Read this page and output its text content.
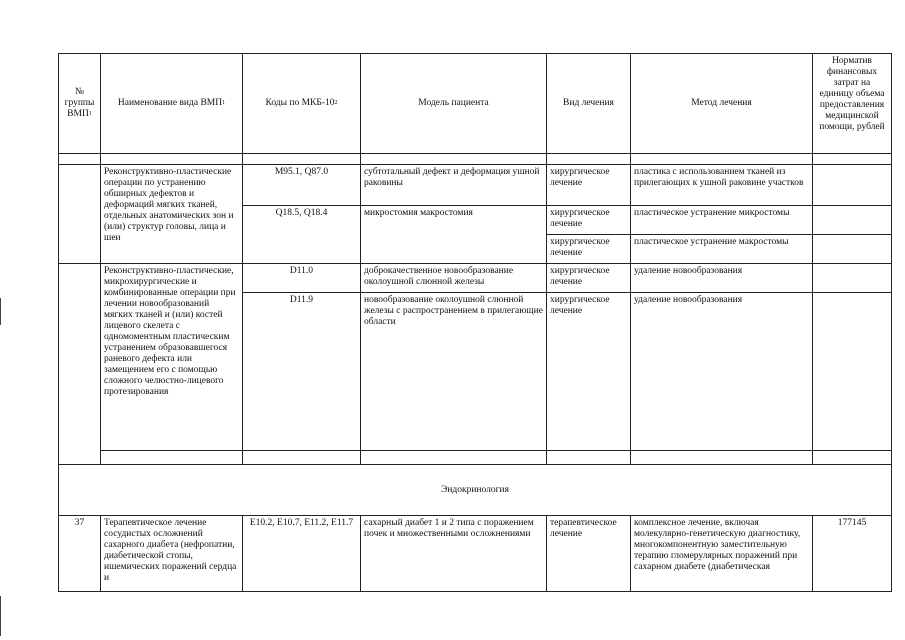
№ группы ВМП$^1$	Наименование вида ВМП$^1$	Коды по МКБ-$10^2$	Модель пациента	Вид лечения	Метод лечения	Норматив финансовых затрат на единицу объема предоставления медицинской помощи, рублей

	Реконструктивно-пластические операции по устранению обширных дефектов и деформаций мягких тканей, отдельных анатомических зон и (или) структур головы, лица и шеи	M95.1, Q87.0	субтотальный дефект и деформация ушной раковины	хирургическое лечение	пластика с использованием тканей из прилегающих к ушной раковине участков	
		Q18.5, Q18.4	микростомия макростомия	хирургическое лечение	пластическое устранение микростомы	
				хирургическое лечение	пластическое устранение макростомы	
	Реконструктивно-пластические, микрохирургические и комбинированные операции при лечении новообразований мягких тканей и (или) костей лицевого скелета с одномоментным пластическим устранением образовавшегося раневого дефекта или замещением его с помощью сложного челюстно-лицевого протезирования	D11.0	доброкачественное новообразование околоушной слюнной железы	хирургическое лечение	удаление новообразования	
		D11.9	новообразование околоушной слюнной железы с распространением в прилегающие области	хирургическое лечение	удаление новообразования	

Эндокринология						
37	Терапевтическое лечение сосудистых осложнений сахарного диабета (нефропатии, диабетической стопы, ишемических поражений сердца и	E10.2, E10.7, E11.2, E11.7	сахарный диабет 1 и 2 типа с поражением почек и множественными осложнениями	терапевтическое лечение	комплексное лечение, включая молекулярно-генетическую диагностику, многокомпонентную заместительную терапию гломерулярных поражений при сахарном диабете (диабетическая	177145
